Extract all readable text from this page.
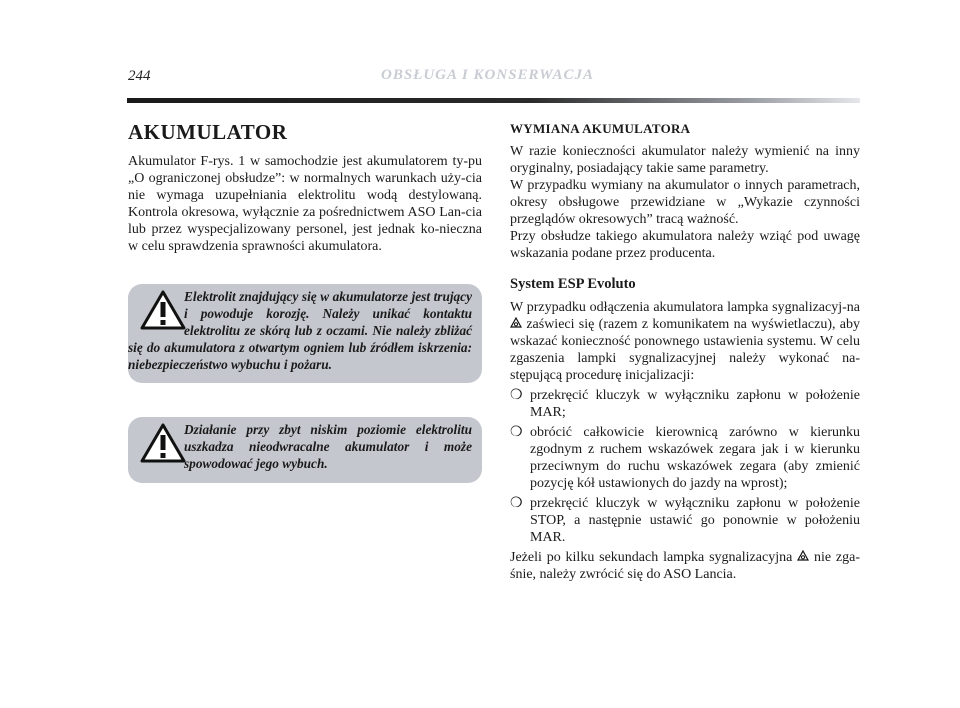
244	OBSŁUGA I KONSERWACJA
AKUMULATOR

Akumulator F-rys. 1 w samochodzie jest akumulatorem ty-pu „O ograniczonej obsłudze”: w normalnych warunkach uży-cia nie wymaga uzupełniania elektrolitu wodą destylowaną. Kontrola okresowa, wyłącznie za pośrednictwem ASO Lan-cia lub przez wyspecjalizowany personel, jest jednak ko-nieczna w celu sprawdzenia sprawności akumulatora.

Elektrolit znajdujący się w akumulatorze jest trujący i powoduje korozję. Należy unikać kontaktu elektrolitu ze skórą lub z oczami. Nie należy zbliżać się do akumulatora z otwartym ogniem lub źródłem iskrzenia: niebezpieczeństwo wybuchu i pożaru.
Działanie przy zbyt niskim poziomie elektrolitu uszkadza nieodwracalne akumulator i może spowodować jego wybuch.
WYMIANA AKUMULATORA

W razie konieczności akumulator należy wymienić na inny oryginalny, posiadający takie same parametry.

W przypadku wymiany na akumulator o innych parametrach, okresy obsługowe przewidziane w „Wykazie czynności przeglądów okresowych” tracą ważność.

Przy obsłudze takiego akumulatora należy wziąć pod uwagę wskazania podane przez producenta.

System ESP Evoluto

W przypadku odłączenia akumulatora lampka sygnalizacyj-na  zaświeci się (razem z komunikatem na wyświetlaczu), aby wskazać konieczność ponownego ustawienia systemu. W celu zgaszenia lampki sygnalizacyjnej należy wykonać na-stępującą procedurę inicjalizacji:

❍ przekręcić kluczyk w wyłączniku zapłonu w położenie MAR;
❍ obrócić całkowicie kierownicą zarówno w kierunku zgodnym z ruchem wskazówek zegara jak i w kierunku przeciwnym do ruchu wskazówek zegara (aby zmienić pozycję kół ustawionych do jazdy na wprost);
❍ przekręcić kluczyk w wyłączniku zapłonu w położenie STOP, a następnie ustawić go ponownie w położeniu MAR.

Jeżeli po kilku sekundach lampka sygnalizacyjna nie zga-śnie, należy zwrócić się do ASO Lancia.
